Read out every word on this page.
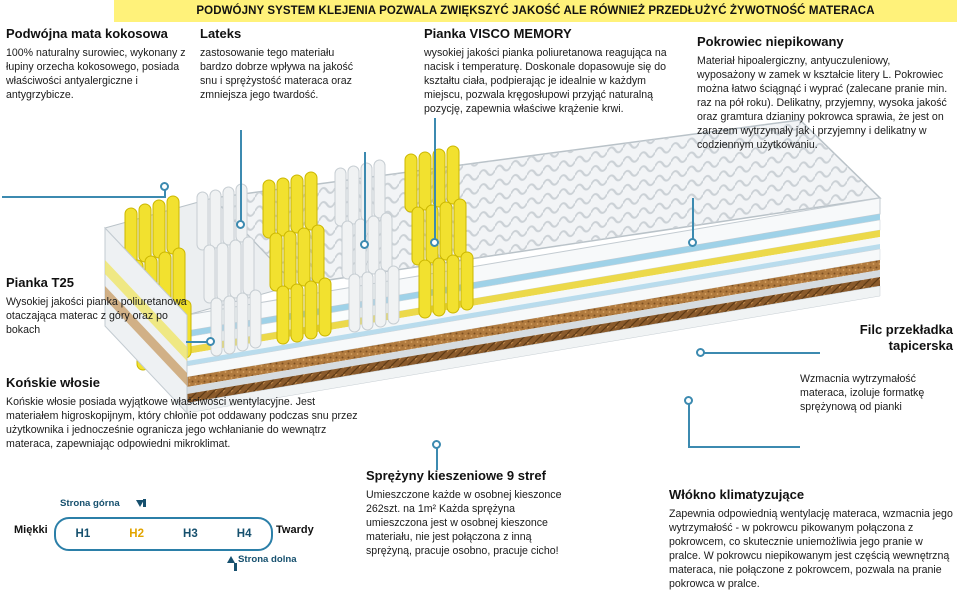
PODWÓJNY SYSTEM KLEJENIA POZWALA ZWIĘKSZYĆ JAKOŚĆ ALE RÓWNIEŻ PRZEDŁUŻYĆ ŻYWOTNOŚĆ MATERACA

Podwójna mata kokosowa

100% naturalny surowiec, wykonany z łupiny orzecha kokosowego, posiada właściwości antyalergiczne i antygrzybicze.

Lateks

zastosowanie tego materiału bardzo dobrze wpływa na jakość snu i sprężystość materaca oraz zmniejsza jego twardość.

Pianka VISCO MEMORY

wysokiej jakości pianka poliuretanowa reagująca na nacisk i temperaturę. Doskonale dopasowuje się do kształtu ciała, podpierając je idealnie w każdym miejscu, pozwala kręgosłupowi przyjąć naturalną pozycję, zapewnia właściwe krążenie krwi.

Pokrowiec niepikowany

Materiał hipoalergiczny, antyuczuleniowy, wyposażony w zamek w kształcie litery L. Pokrowiec można łatwo ściągnąć i wyprać (zalecane pranie min. raz na pół roku). Delikatny, przyjemny, wysoka jakość oraz gramtura dzianiny pokrowca sprawia, że jest on zarazem wytrzymały jak i przyjemny i delikatny w codziennym użytkowaniu.

Pianka T25

Wysokiej jakości pianka poliuretanowa otaczająca materac z góry oraz po bokach

Końskie włosie

Końskie włosie posiada wyjątkowe właściwości wentylacyjne. Jest materiałem higroskopijnym, który chłonie pot oddawany podczas snu przez użytkownika i jednocześnie ogranicza jego wchłanianie do wewnątrz materaca, zapewniając odpowiedni mikroklimat.

Filc przekładka tapicerska

Wzmacnia wytrzymałość materaca, izoluje formatkę sprężynową od pianki

Sprężyny kieszeniowe 9 stref

Umieszczone każde w osobnej kieszonce 262szt. na 1m² Każda sprężyna umieszczona jest w osobnej kieszonce materiału, nie jest połączona z inną sprężyną, pracuje osobno, pracuje cicho!

Włókno klimatyzujące

Zapewnia odpowiednią wentylację materaca, wzmacnia jego wytrzymałość - w pokrowcu pikowanym połączona z pokrowcem, co skutecznie uniemożliwia jego pranie w pralce. W pokrowcu niepikowanym jest częścią wewnętrzną materaca, nie połączone z pokrowcem, pozwala na pranie pokrowca w pralce.

Strona górna
Miękki	H1	H2	H3	H4	Twardy
Strona dolna
